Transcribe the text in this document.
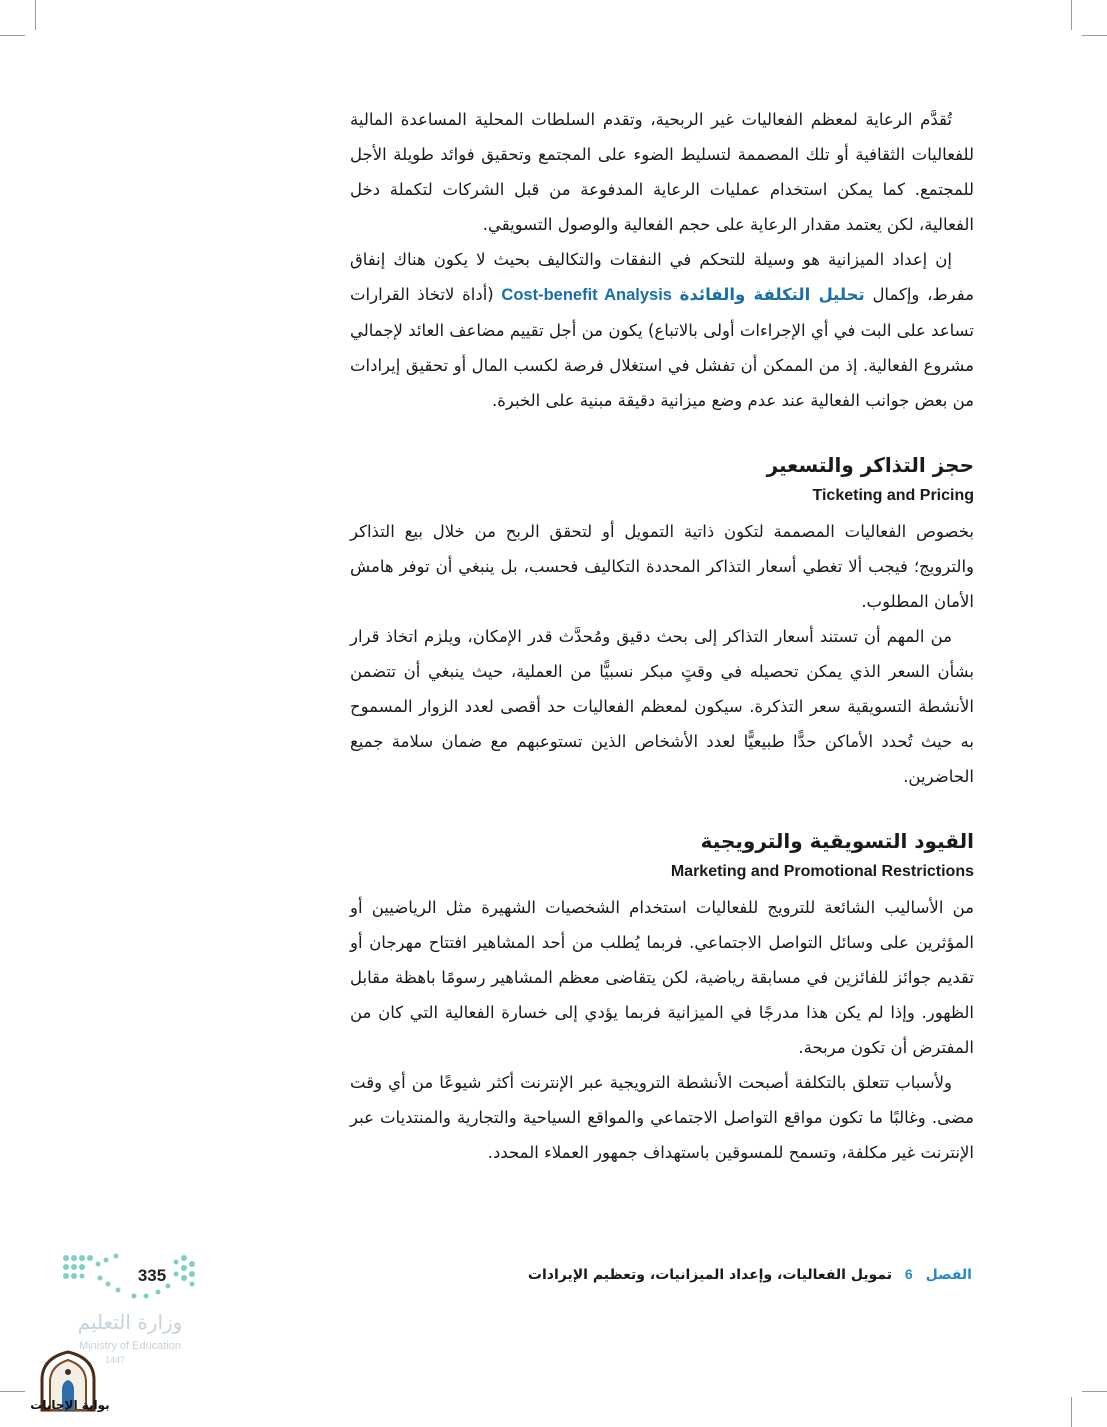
تُقدَّم الرعاية لمعظم الفعاليات غير الربحية، وتقدم السلطات المحلية المساعدة المالية للفعاليات الثقافية أو تلك المصممة لتسليط الضوء على المجتمع وتحقيق فوائد طويلة الأجل للمجتمع. كما يمكن استخدام عمليات الرعاية المدفوعة من قبل الشركات لتكملة دخل الفعالية، لكن يعتمد مقدار الرعاية على حجم الفعالية والوصول التسويقي.

إن إعداد الميزانية هو وسيلة للتحكم في النفقات والتكاليف بحيث لا يكون هناك إنفاق مفرط، وإكمال تحليل التكلفة والفائدة Cost-benefit Analysis (أداة لاتخاذ القرارات تساعد على البت في أي الإجراءات أولى بالاتباع) يكون من أجل تقييم مضاعف العائد لإجمالي مشروع الفعالية. إذ من الممكن أن تفشل في استغلال فرصة لكسب المال أو تحقيق إيرادات من بعض جوانب الفعالية عند عدم وضع ميزانية دقيقة مبنية على الخبرة.

حجز التذاكر والتسعير
Ticketing and Pricing

بخصوص الفعاليات المصممة لتكون ذاتية التمويل أو لتحقق الربح من خلال بيع التذاكر والترويج؛ فيجب ألا تغطي أسعار التذاكر المحددة التكاليف فحسب، بل ينبغي أن توفر هامش الأمان المطلوب.

من المهم أن تستند أسعار التذاكر إلى بحث دقيق ومُحدَّث قدر الإمكان، ويلزم اتخاذ قرار بشأن السعر الذي يمكن تحصيله في وقتٍ مبكر نسبيًّا من العملية، حيث ينبغي أن تتضمن الأنشطة التسويقية سعر التذكرة. سيكون لمعظم الفعاليات حد أقصى لعدد الزوار المسموح به حيث تُحدد الأماكن حدًّا طبيعيًّا لعدد الأشخاص الذين تستوعبهم مع ضمان سلامة جميع الحاضرين.

القيود التسويقية والترويجية
Marketing and Promotional Restrictions

من الأساليب الشائعة للترويج للفعاليات استخدام الشخصيات الشهيرة مثل الرياضيين أو المؤثرين على وسائل التواصل الاجتماعي. فربما يُطلب من أحد المشاهير افتتاح مهرجان أو تقديم جوائز للفائزين في مسابقة رياضية، لكن يتقاضى معظم المشاهير رسومًا باهظة مقابل الظهور. وإذا لم يكن هذا مدرجًا في الميزانية فربما يؤدي إلى خسارة الفعالية التي كان من المفترض أن تكون مربحة.

ولأسباب تتعلق بالتكلفة أصبحت الأنشطة الترويجية عبر الإنترنت أكثر شيوعًا من أي وقت مضى. وغالبًا ما تكون مواقع التواصل الاجتماعي والمواقع السياحية والتجارية والمنتديات عبر الإنترنت غير مكلفة، وتسمح للمسوقين باستهداف جمهور العملاء المحدد.

الفصل 6 تمويل الفعاليات، وإعداد الميزانيات، وتعظيم الإيرادات
335
وزارة التعليم
Ministry of Education
1447
بوابة الإجابات
